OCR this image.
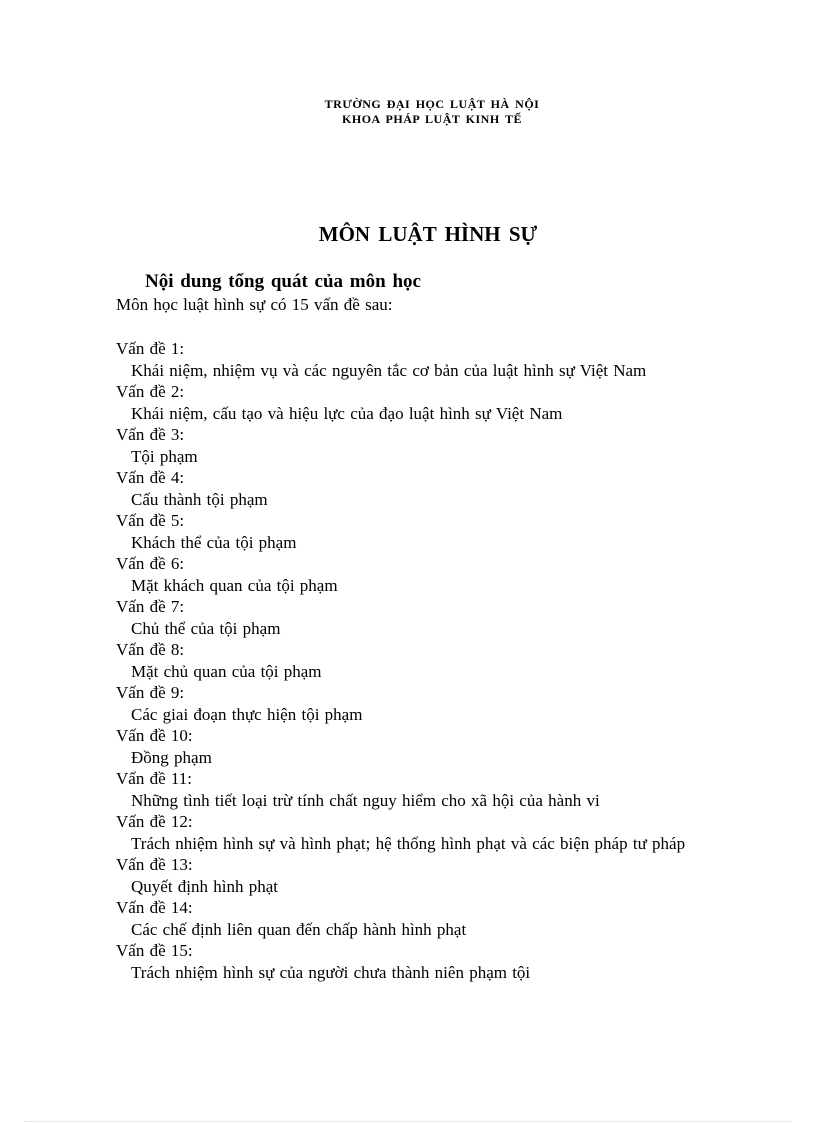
TRƯỜNG ĐẠI HỌC LUẬT HÀ NỘI
KHOA PHÁP LUẬT KINH TẾ
MÔN LUẬT HÌNH SỰ
Nội dung tổng quát của môn học
Môn học luật hình sự có 15 vấn đề sau:
Vấn đề 1:
Khái niệm, nhiệm vụ và các nguyên tắc cơ bản của luật hình sự Việt Nam
Vấn đề 2:
Khái niệm, cấu tạo và hiệu lực của đạo luật hình sự Việt Nam
Vấn đề 3:
Tội phạm
Vấn đề 4:
Cấu thành tội phạm
Vấn đề 5:
Khách thể của tội phạm
Vấn đề 6:
Mặt khách quan của tội phạm
Vấn đề 7:
Chủ thể của tội phạm
Vấn đề 8:
Mặt chủ quan của tội phạm
Vấn đề 9:
Các giai đoạn thực hiện tội phạm
Vấn đề 10:
Đồng phạm
Vấn đề 11:
Những tình tiết loại trừ tính chất nguy hiểm cho xã hội của hành vi
Vấn đề 12:
Trách nhiệm hình sự và hình phạt; hệ thống hình phạt và các biện pháp tư pháp
Vấn đề 13:
Quyết định hình phạt
Vấn đề 14:
Các chế định liên quan đến chấp hành hình phạt
Vấn đề 15:
Trách nhiệm hình sự của người chưa thành niên phạm tội
